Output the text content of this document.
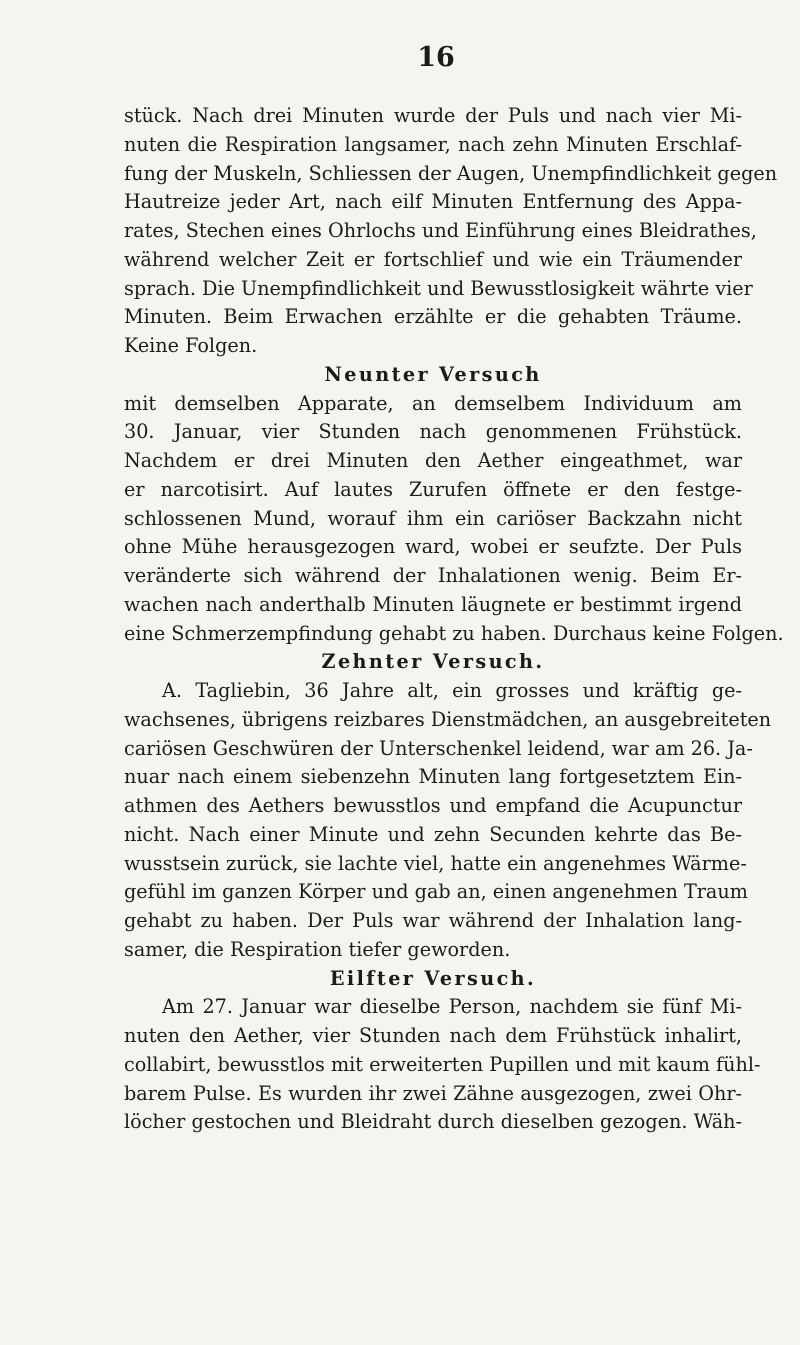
16
stück. Nach drei Minuten wurde der Puls und nach vier Mi-
nuten die Respiration langsamer, nach zehn Minuten Erschlaf-
fung der Muskeln, Schliessen der Augen, Unempfindlichkeit gegen
Hautreize jeder Art, nach eilf Minuten Entfernung des Appa-
rates, Stechen eines Ohrlochs und Einführung eines Bleidrathes,
während welcher Zeit er fortschlief und wie ein Träumender
sprach. Die Unempfindlichkeit und Bewusstlosigkeit währte vier
Minuten. Beim Erwachen erzählte er die gehabten Träume.
Keine Folgen.
Neunter Versuch
mit demselben Apparate, an demselbem Individuum am
30. Januar, vier Stunden nach genommenen Frühstück.
Nachdem er drei Minuten den Aether eingeathmet, war
er narcotisirt. Auf lautes Zurufen öffnete er den festge-
schlossenen Mund, worauf ihm ein cariöser Backzahn nicht
ohne Mühe herausgezogen ward, wobei er seufzte. Der Puls
veränderte sich während der Inhalationen wenig. Beim Er-
wachen nach anderthalb Minuten läugnete er bestimmt irgend
eine Schmerzempfindung gehabt zu haben. Durchaus keine Folgen.
Zehnter Versuch.
A. Tagliebin, 36 Jahre alt, ein grosses und kräftig ge-
wachsenes, übrigens reizbares Dienstmädchen, an ausgebreiteten
cariösen Geschwüren der Unterschenkel leidend, war am 26. Ja-
nuar nach einem siebenzehn Minuten lang fortgesetztem Ein-
athmen des Aethers bewusstlos und empfand die Acupunctur
nicht. Nach einer Minute und zehn Secunden kehrte das Be-
wusstsein zurück, sie lachte viel, hatte ein angenehmes Wärme-
gefühl im ganzen Körper und gab an, einen angenehmen Traum
gehabt zu haben. Der Puls war während der Inhalation lang-
samer, die Respiration tiefer geworden.
Eilfter Versuch.
Am 27. Januar war dieselbe Person, nachdem sie fünf Mi-
nuten den Aether, vier Stunden nach dem Frühstück inhalirt,
collabirt, bewusstlos mit erweiterten Pupillen und mit kaum fühl-
barem Pulse. Es wurden ihr zwei Zähne ausgezogen, zwei Ohr-
löcher gestochen und Bleidraht durch dieselben gezogen. Wäh-
